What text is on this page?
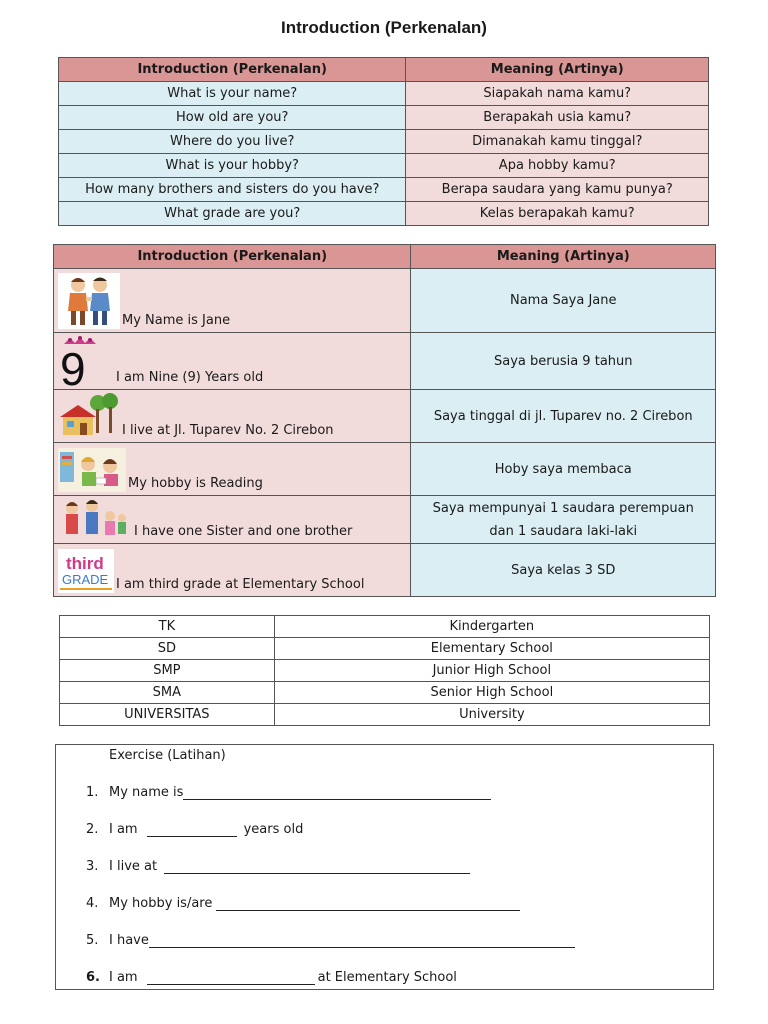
Introduction (Perkenalan)
Introduction (Perkenalan)	Meaning (Artinya)
What is your name?	Siapakah nama kamu?
How old are you?	Berapakah usia kamu?
Where do you live?	Dimanakah kamu tinggal?
What is your hobby?	Apa hobby kamu?
How many brothers and sisters do you have?	Berapa saudara yang kamu punya?
What grade are you?	Kelas berapakah kamu?
Introduction (Perkenalan)	Meaning (Artinya)

My Name is Jane	Nama Saya Jane

9 I am Nine (9) Years old	Saya berusia 9 tahun

I live at Jl. Tuparev No. 2 Cirebon	Saya tinggal di jl. Tuparev no. 2 Cirebon

My hobby is Reading	Hoby saya membaca

I have one Sister and one brother	Saya mempunyai 1 saudara perempuan
dan 1 saudara laki-laki

third
GRADE I am third grade at Elementary School	Saya kelas 3 SD
TK	Kindergarten
SD	Elementary School
SMP	Junior High School
SMA	Senior High School
UNIVERSITAS	University
Exercise (Latihan)
1. My name is
2. I am	years old
3. I live at
4. My hobby is/are
5. I have
6. I am	at Elementary School
